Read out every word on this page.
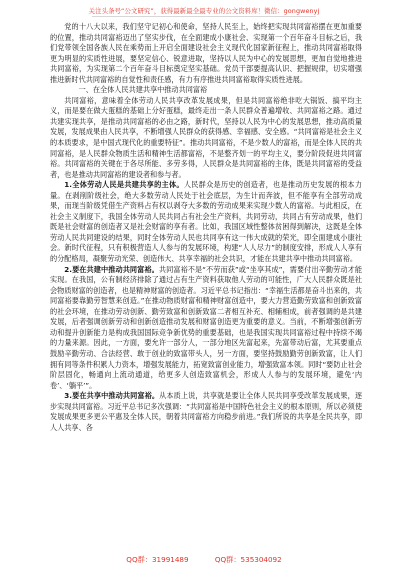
关注头条号“公文研究”，获得最新最全最专业的公文资料库！微信：gongwenyj

党的十八大以来，我们坚守记初心和使命，坚持人民至上，始终把实现共同富裕摆在更加重要的位置，推动共同富裕迈出了坚实步伐，在全面建成小康社会、实现第一个百年奋斗目标之后，我们党带领全国各族人民在乘势而上开启全面建设社会主义现代化国家新征程上，推动共同富裕取得更为明显的实质性进展，要坚定信心、锐意进取，坚持以人民为中心的发展思想，更加自觉地推进共同富裕，为实现第二个百年奋斗目标奠定坚实基础。党员干部要提高认识、把握规律，切实增强推进新时代共同富裕的自觉性和责任感，有力有序推进共同富裕取得实质性进展。

一、在全体人民共建共享中推动共同富裕

共同富裕，意味着全体劳动人民共享改革发展成果，但是共同富裕绝非吃大锅饭、搞平均主义，而是要在做大蛋糕的基础上分好蛋糕，最终走出一条人民群众普遍增收、共同富裕之路。通过共建实现共享，是推动共同富裕的必由之路，新时代，坚持以人民为中心的发展思想，推动高质量发展，发展成果由人民共享，不断增强人民群众的获得感、幸福感、安全感。“共同富裕是社会主义的本质要求，是中国式现代化的重要特征”。推动共同富裕，不是少数人的富裕，而是全体人民的共同富裕，是人民群众物质生活和精神生活都富裕，不是整齐划一的平均主义，要分阶段促进共同富裕。共同富裕的关键在于各尽所能、多劳多得，人民群众是共同富裕的主体，既是共同富裕的受益者，也是推动共同富裕的建设者和参与者。

1.全体劳动人民是共建共享的主体。人民群众是历史的创造者，也是推动历史发展的根本力量。在剥削阶级社会，绝大多数劳动人民处于社会底层，为生计而奔波，但不能享有全部劳动成果，而现当阶级凭借生产资料占有权以剥夺大多数的劳动成果来实现少数人的富裕。与此相反，在社会主义制度下，我国全体劳动人民共同占有社会生产资料，共同劳动，共同占有劳动成果，他们既是社会财富的创造者又是社会财富的享有者。比如，我国区域性整体贫困得到解决，这既是全体劳动人民共同建设的结果，同时全体劳动人民也共同享有这一伟大成就的荣光，即全面建成小康社会。新时代征程，只有积极营造人人参与的发展环境，构建“人人尽力”的制度安排，形成人人享有的分配格局，凝聚劳动光荣、创造伟大、共享幸福的社会共识，才能在共建共享中推动共同富裕。

2.要在共建中推动共同富裕。共同富裕不是“不劳而获”或“坐享其成”，需要付出辛勤劳动才能实现。在我国，公有制经济排除了通过占有生产资料获取他人劳动的可能性，广大人民群众既是社会物质财富的创造者，也是精神财富的创造者。习近平总书记指出：“幸福生活都是奋斗出来的，共同富裕要靠勤劳智慧来创造。”在推动物质财富和精神财富创造中，要大力营造勤劳致富和创新致富的社会环境，在推动劳动创新、勤劳致富和创新致富二者相互补充、相辅相成，前者强调的是共建发展，后者强调创新劳动和创新创造推动发展和财富创造更为重要的意义。当前，不断增强创新劳动和提升创新能力是构成我国国际竞争新优势的重要基础，也是我国实现共同富裕过程中持续不竭的力量来源。因此，一方面，要允许一部分人，一部分地区先富起来，先富带动后富，尤其要重点鼓励辛勤劳动、合法经营、敢于创业的致富带头人，另一方面，要坚持鼓励勤劳创新致富，让人们拥有同等条件积累人力资本，增强发展能力，拓宽致富创业能力，增强致富本领。同时“要防止社会阶层固化，畅通向上流动通道，给更多人创造致富机会，形成人人参与的发展环境，避免‘内卷’、‘躺平’”。

3.要在共享中推动共同富裕。从本质上说，共享就是要让全体人民共同享受改革发展成果，逐步实现共同富裕。习近平总书记多次强调：“共同富裕是中国特色社会主义的根本原则，所以必须使发展成果更多更公平惠及全体人民，朝着共同富裕方向稳步前进。”我们所说的共享是全民共享，即人人共享、各

QQ群：31991489	QQ群：535304092
